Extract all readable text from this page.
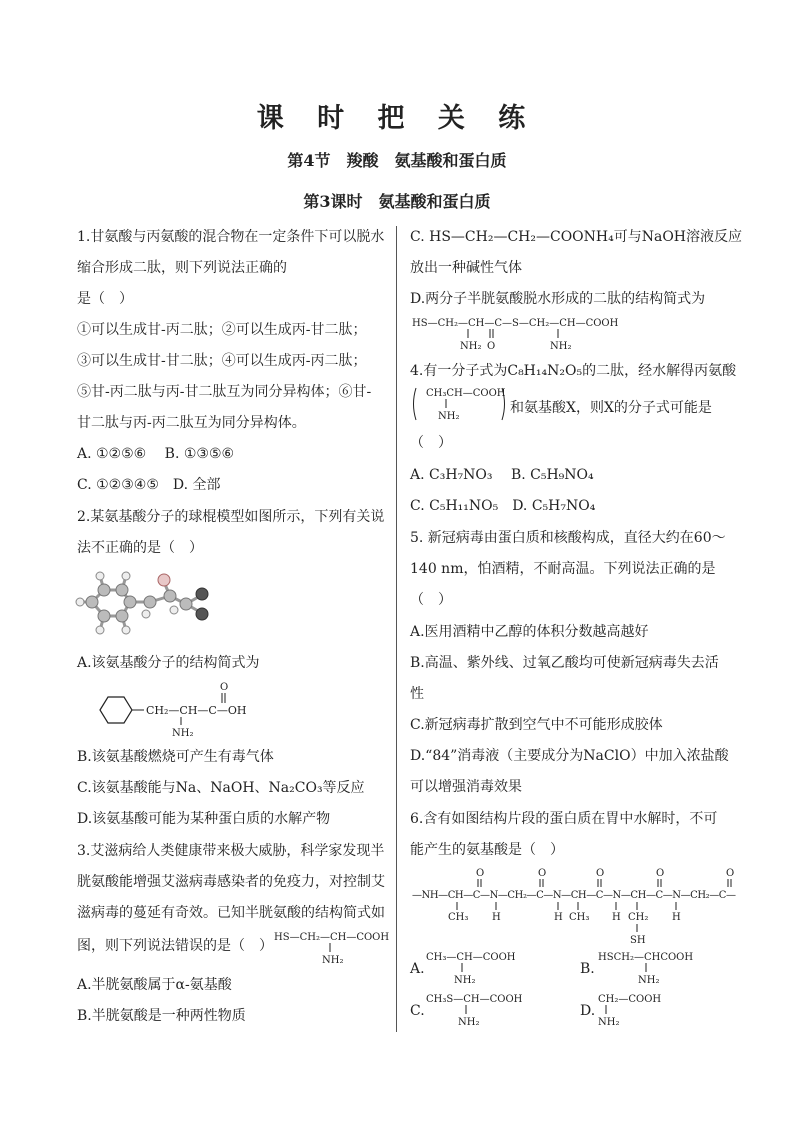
课 时 把 关 练
第4节　羧酸　氨基酸和蛋白质
第3课时　氨基酸和蛋白质
1.甘氨酸与丙氨酸的混合物在一定条件下可以脱水
缩合形成二肽，则下列说法正确的
是（　）
①可以生成甘-丙二肽；②可以生成丙-甘二肽；
③可以生成甘-甘二肽；④可以生成丙-丙二肽；
⑤甘-丙二肽与丙-甘二肽互为同分异构体；⑥甘-
甘二肽与丙-丙二肽互为同分异构体。
A. ①②⑤⑥　 B. ①③⑤⑥
C. ①②③④⑤　D. 全部
2.某氨基酸分子的球棍模型如图所示，下列有关说
法不正确的是（　）
A.该氨基酸分子的结构简式为
CH₂—CH—C—OH
O
NH₂
B.该氨基酸燃烧可产生有毒气体
C.该氨基酸能与Na、NaOH、Na₂CO₃等反应
D.该氨基酸可能为某种蛋白质的水解产物
3.艾滋病给人类健康带来极大威胁，科学家发现半
胱氨酸能增强艾滋病毒感染者的免疫力，对控制艾
滋病毒的蔓延有奇效。已知半胱氨酸的结构简式如
图，则下列说法错误的是（　）
HS—CH₂—CH—COOH
NH₂
A.半胱氨酸属于α-氨基酸
B.半胱氨酸是一种两性物质
C. HS—CH₂—CH₂—COONH₄可与NaOH溶液反应
放出一种碱性气体
D.两分子半胱氨酸脱水形成的二肽的结构简式为
HS—CH₂—CH—C—S—CH₂—CH—COOH
NH₂ O	NH₂
4.有一分子式为C₈H₁₄N₂O₅的二肽，经水解得丙氨酸
CH₃CH—COOH
NH₂
和氨基酸X，则X的分子式可能是
（　）
A. C₃H₇NO₃　 B. C₅H₉NO₄
C. C₅H₁₁NO₅　D. C₅H₇NO₄
5. 新冠病毒由蛋白质和核酸构成，直径大约在60～
140 nm，怕酒精，不耐高温。下列说法正确的是
（　）
A.医用酒精中乙醇的体积分数越高越好
B.高温、紫外线、过氧乙酸均可使新冠病毒失去活
性
C.新冠病毒扩散到空气中不可能形成胶体
D.“84”消毒液（主要成分为NaClO）中加入浓盐酸
可以增强消毒效果
6.含有如图结构片段的蛋白质在胃中水解时，不可
能产生的氨基酸是（　）
—NH—CH—C—N—CH₂—C—N—CH—C—N—CH—C—N—CH₂—C—
O	O	O	O	O
CH₃ H	H CH₃ H CH₂
SH
H
A.
CH₃—CH—COOH
NH₂
B.
HSCH₂—CHCOOH
NH₂
C.
CH₃S—CH—COOH
NH₂
D.
CH₂—COOH
NH₂
